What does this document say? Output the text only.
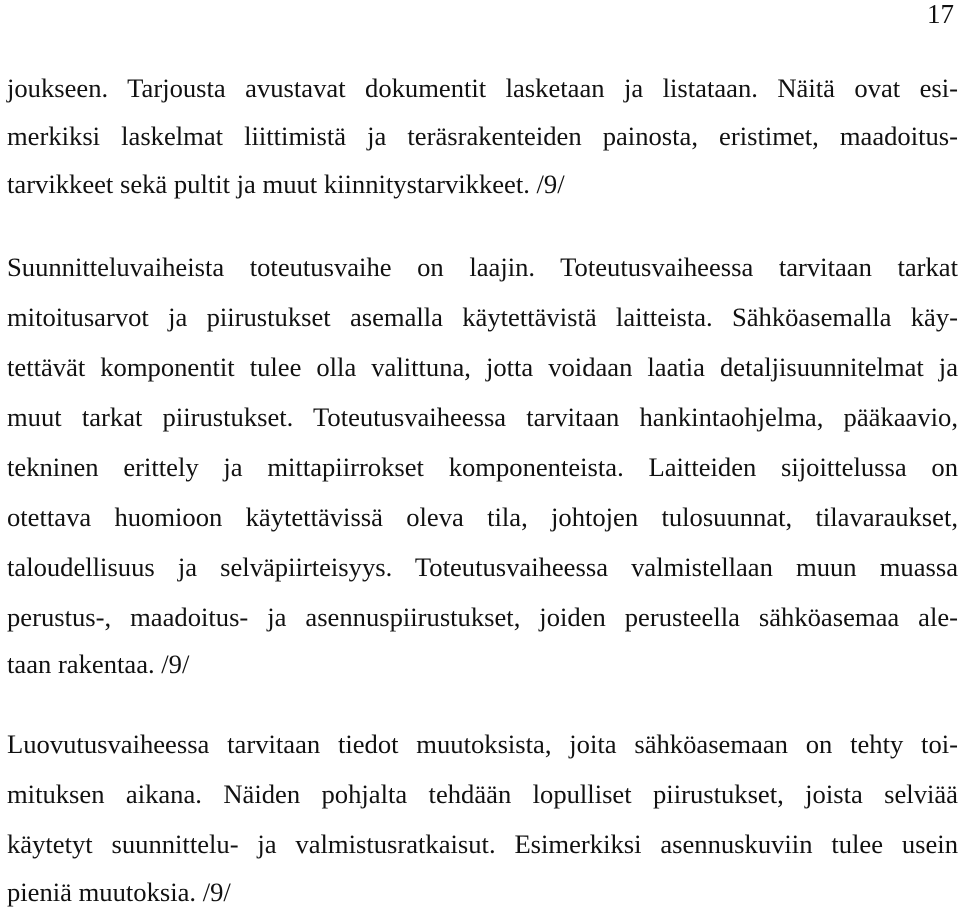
17
joukseen. Tarjousta avustavat dokumentit lasketaan ja listataan. Näitä ovat esi-
merkiksi laskelmat liittimistä ja teräsrakenteiden painosta, eristimet, maadoitus-
tarvikkeet sekä pultit ja muut kiinnitystarvikkeet. /9/
Suunnitteluvaiheista toteutusvaihe on laajin. Toteutusvaiheessa tarvitaan tarkat
mitoitusarvot ja piirustukset asemalla käytettävistä laitteista. Sähköasemalla käy-
tettävät komponentit tulee olla valittuna, jotta voidaan laatia detaljisuunnitelmat ja
muut tarkat piirustukset. Toteutusvaiheessa tarvitaan hankintaohjelma, pääkaavio,
tekninen erittely ja mittapiirrokset komponenteista. Laitteiden sijoittelussa on
otettava huomioon käytettävissä oleva tila, johtojen tulosuunnat, tilavaraukset,
taloudellisuus ja selväpiirteisyys. Toteutusvaiheessa valmistellaan muun muassa
perustus-, maadoitus- ja asennuspiirustukset, joiden perusteella sähköasemaa ale-
taan rakentaa. /9/
Luovutusvaiheessa tarvitaan tiedot muutoksista, joita sähköasemaan on tehty toi-
mituksen aikana. Näiden pohjalta tehdään lopulliset piirustukset, joista selviää
käytetyt suunnittelu- ja valmistusratkaisut. Esimerkiksi asennuskuviin tulee usein
pieniä muutoksia. /9/
